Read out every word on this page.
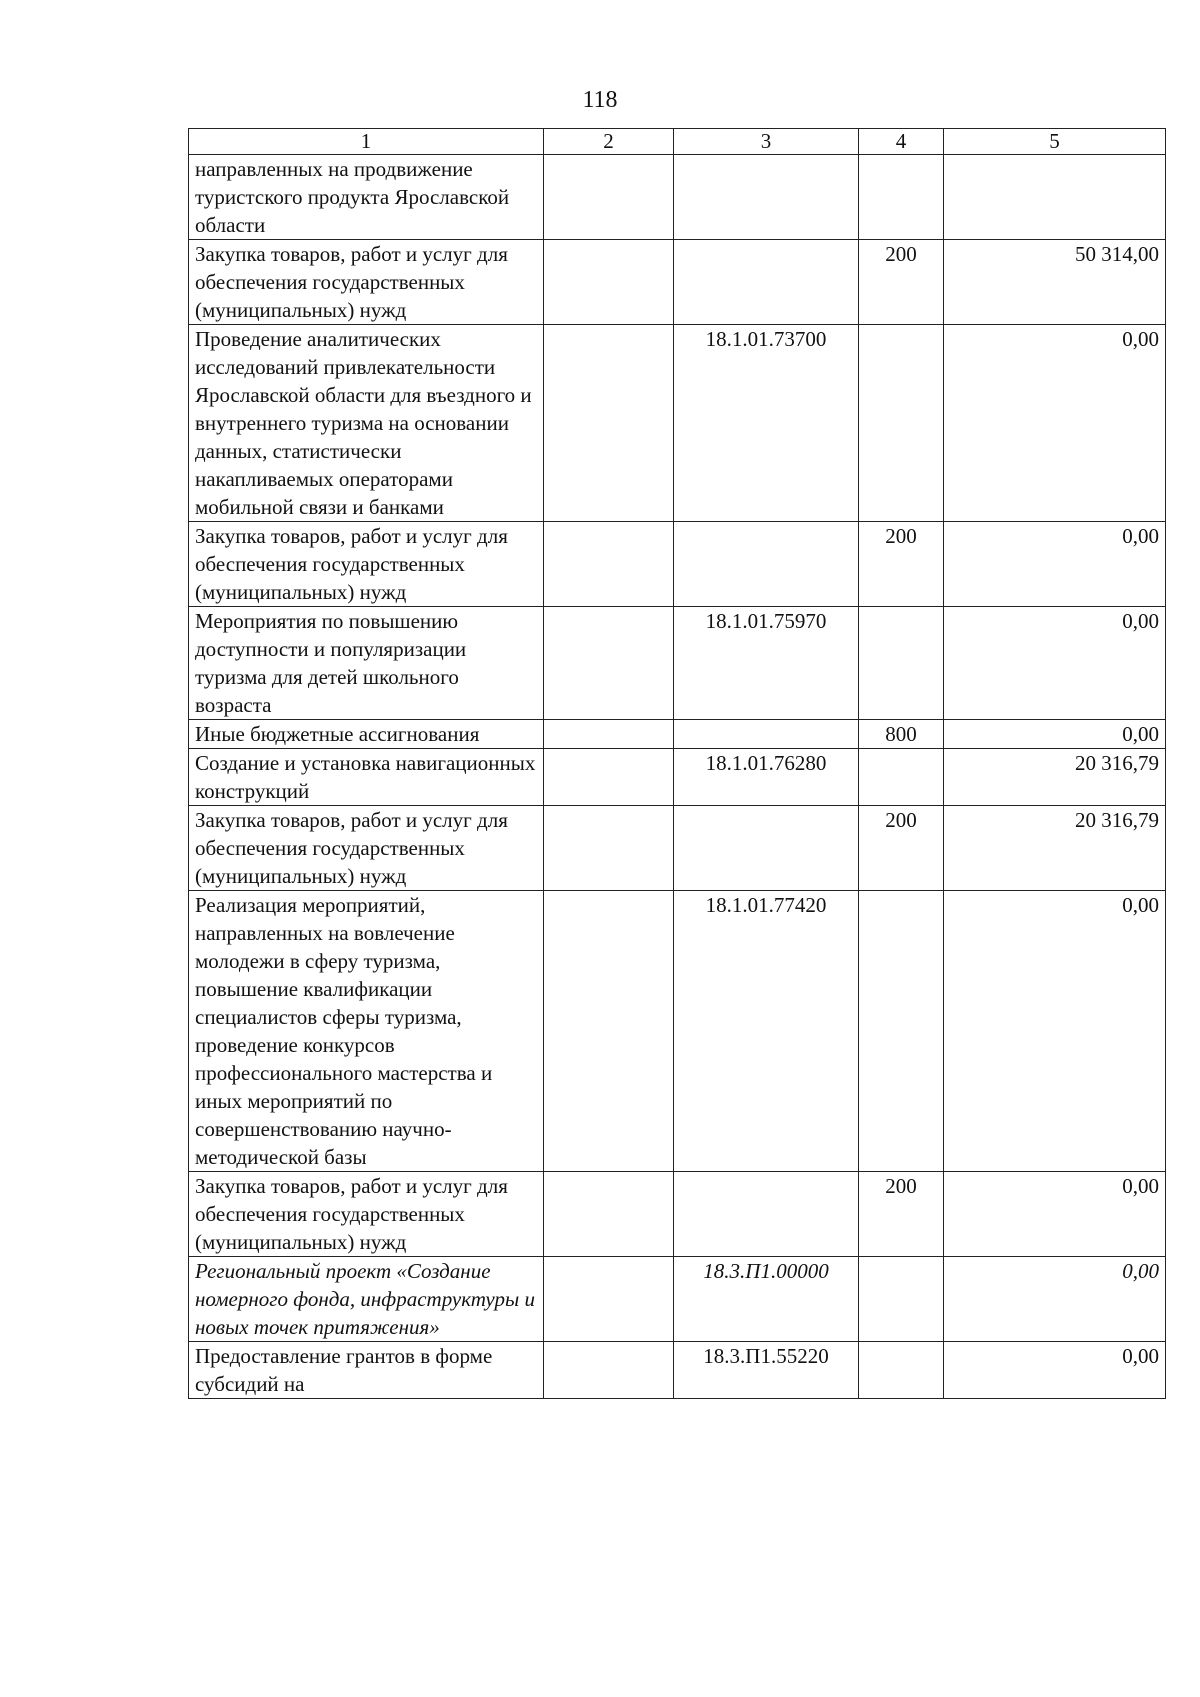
118
1	2	3	4	5
направленных на продвижение туристского продукта Ярославской области				
Закупка товаров, работ и услуг для обеспечения государственных (муниципальных) нужд			200	50 314,00
Проведение аналитических исследований привлекательности Ярославской области для въездного и внутреннего туризма на основании данных, статистически накапливаемых операторами мобильной связи и банками		18.1.01.73700		0,00
Закупка товаров, работ и услуг для обеспечения государственных (муниципальных) нужд			200	0,00
Мероприятия по повышению доступности и популяризации туризма для детей школьного возраста		18.1.01.75970		0,00
Иные бюджетные ассигнования			800	0,00
Создание и установка навигационных конструкций		18.1.01.76280		20 316,79
Закупка товаров, работ и услуг для обеспечения государственных (муниципальных) нужд			200	20 316,79
Реализация мероприятий, направленных на вовлечение молодежи в сферу туризма, повышение квалификации специалистов сферы туризма, проведение конкурсов профессионального мастерства и иных мероприятий по совершенствованию научно-методической базы		18.1.01.77420		0,00
Закупка товаров, работ и услуг для обеспечения государственных (муниципальных) нужд			200	0,00
Региональный проект «Создание номерного фонда, инфраструктуры и новых точек притяжения»		18.3.П1.00000		0,00
Предоставление грантов в форме субсидий на		18.3.П1.55220		0,00
